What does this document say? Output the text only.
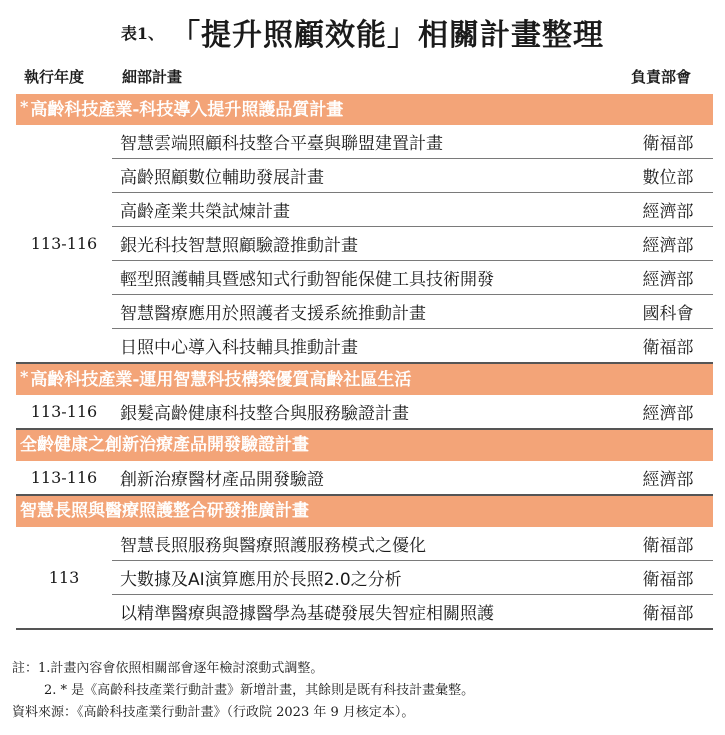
表1、 「提升照顧效能」相關計畫整理
執行年度	細部計畫	負責部會
* 高齡科技產業-科技導入提升照護品質計畫
113-116
智慧雲端照顧科技整合平臺與聯盟建置計畫	衛福部
高齡照顧數位輔助發展計畫	數位部
高齡產業共榮試煉計畫	經濟部
銀光科技智慧照顧驗證推動計畫	經濟部
輕型照護輔具暨感知式行動智能保健工具技術開發	經濟部
智慧醫療應用於照護者支援系統推動計畫	國科會
日照中心導入科技輔具推動計畫	衛福部
* 高齡科技產業-運用智慧科技構築優質高齡社區生活
113-116	銀髮高齡健康科技整合與服務驗證計畫	經濟部
全齡健康之創新治療產品開發驗證計畫
113-116	創新治療醫材產品開發驗證	經濟部
智慧長照與醫療照護整合研發推廣計畫
113
智慧長照服務與醫療照護服務模式之優化	衛福部
大數據及AI演算應用於長照2.0之分析	衛福部
以精準醫療與證據醫學為基礎發展失智症相關照護	衛福部
註：1.計畫內容會依照相關部會逐年檢討滾動式調整。
2. * 是《高齡科技產業行動計畫》新增計畫，其餘則是既有科技計畫彙整。
資料來源：《高齡科技產業行動計畫》（行政院 2023 年 9 月核定本）。
